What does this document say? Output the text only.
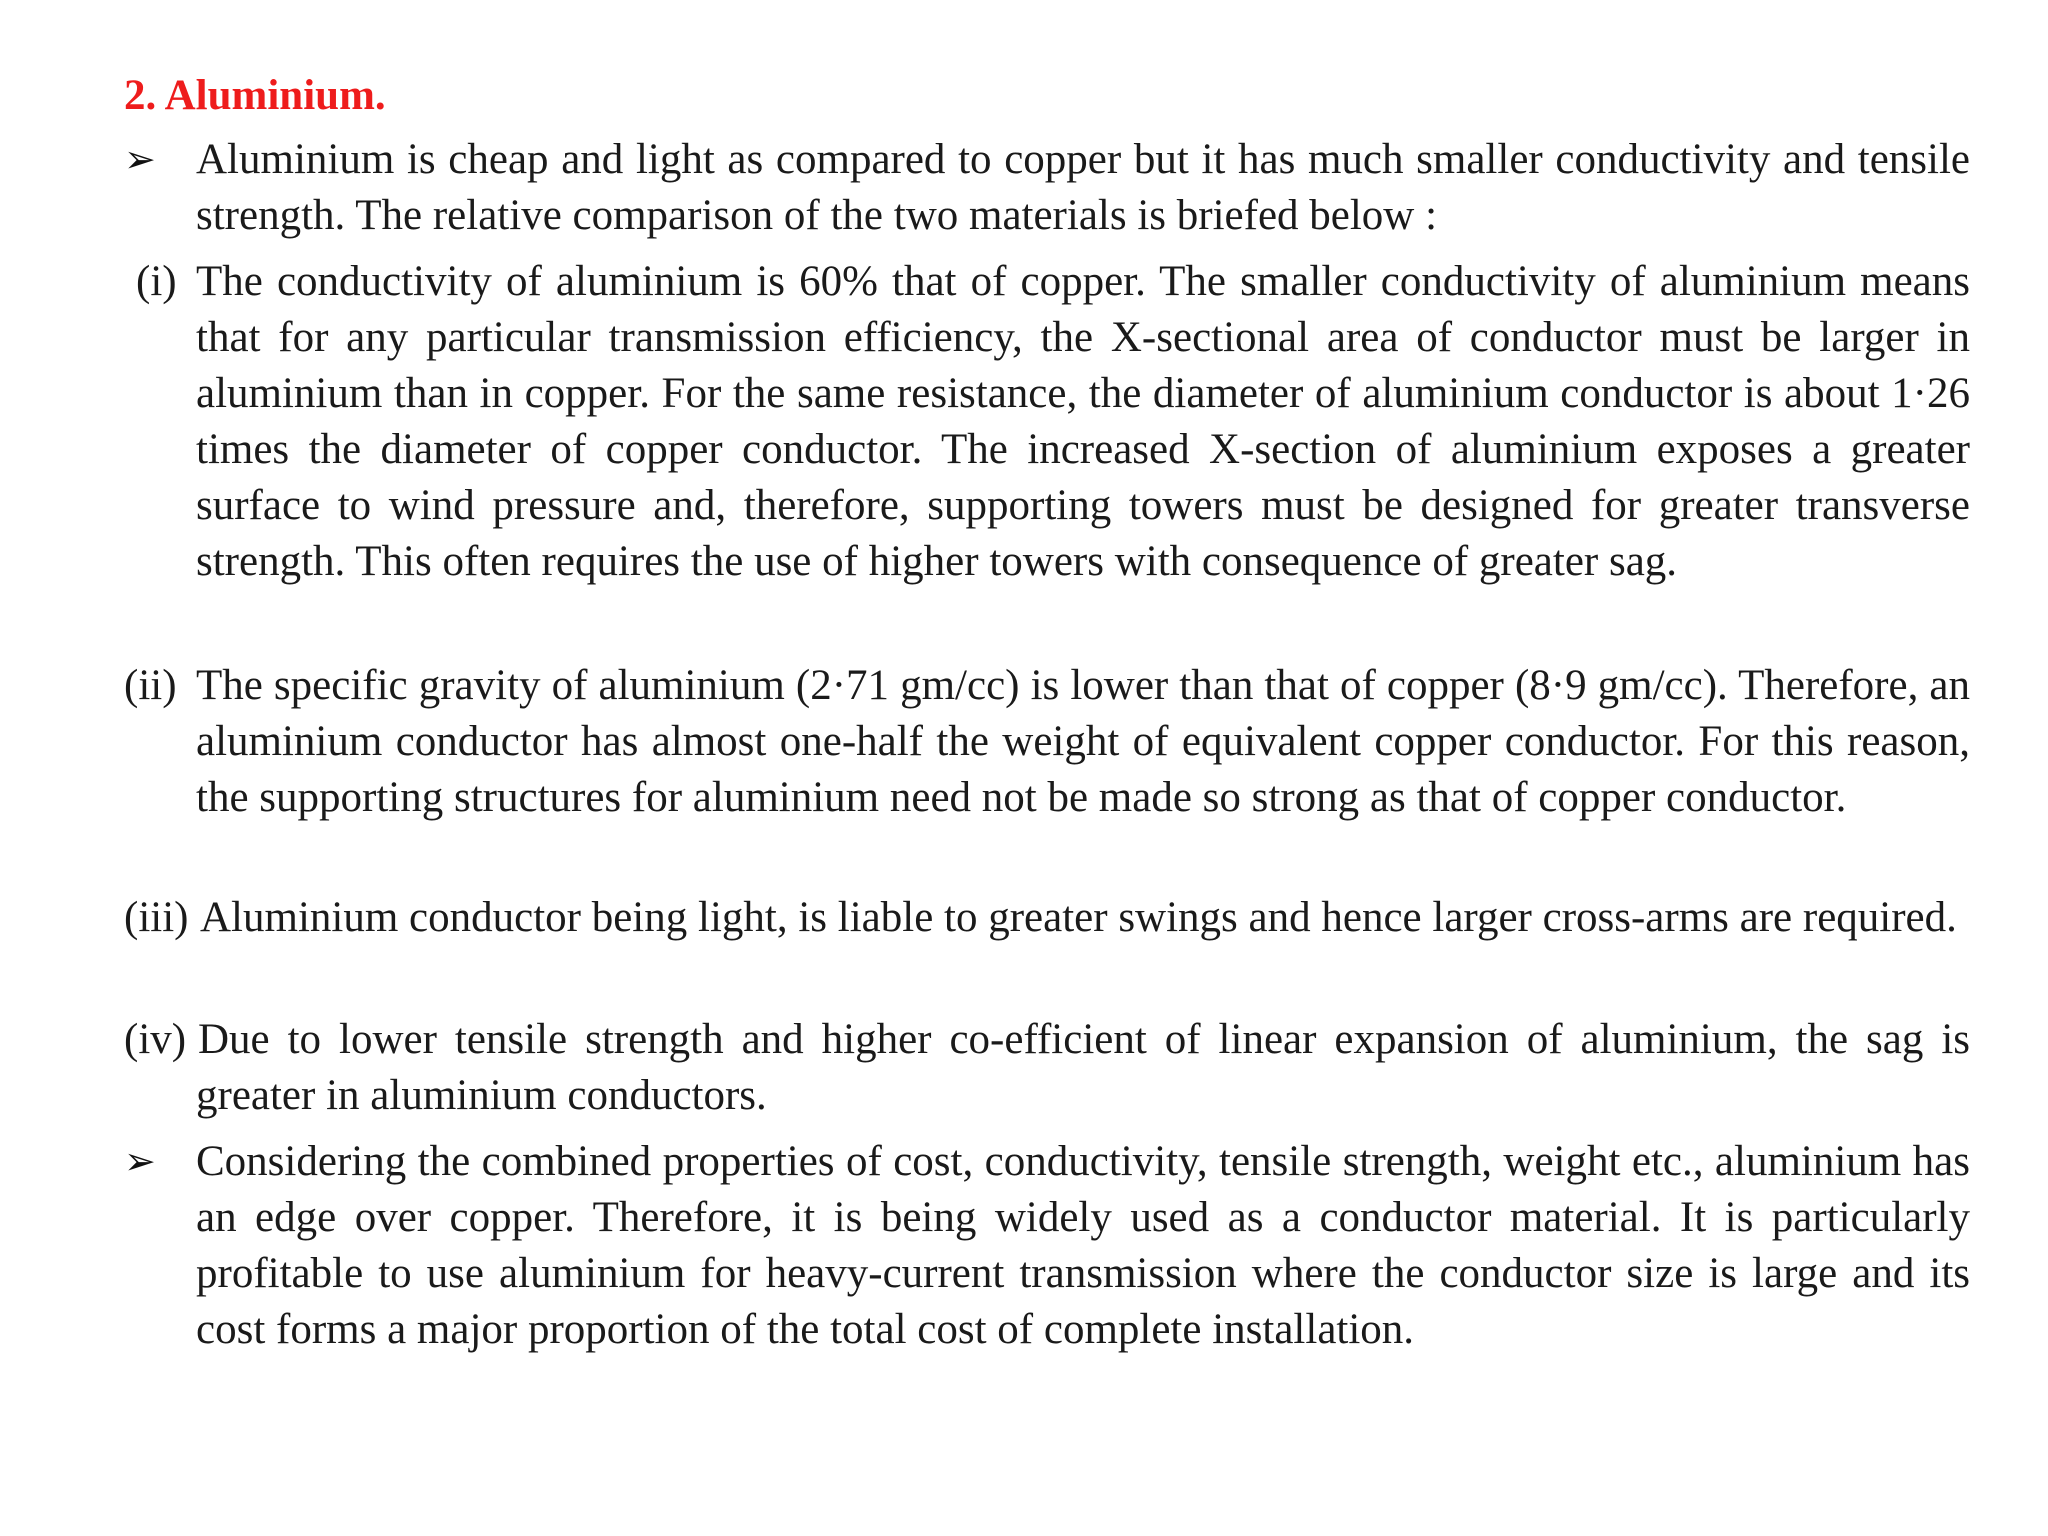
2. Aluminium.
➢ Aluminium is cheap and light as compared to copper but it has much smaller conductivity and tensile strength. The relative comparison of the two materials is briefed below :
(i) The conductivity of aluminium is 60% that of copper. The smaller conductivity of aluminium means that for any particular transmission efficiency, the X-sectional area of conductor must be larger in aluminium than in copper. For the same resistance, the diameter of aluminium conductor is about 1·26 times the diameter of copper conductor. The increased X-section of aluminium exposes a greater surface to wind pressure and, therefore, supporting towers must be designed for greater transverse strength. This often requires the use of higher towers with consequence of greater sag.
(ii) The specific gravity of aluminium (2·71 gm/cc) is lower than that of copper (8·9 gm/cc). Therefore, an aluminium conductor has almost one-half the weight of equivalent copper conductor. For this reason, the supporting structures for aluminium need not be made so strong as that of copper conductor.
(iii) Aluminium conductor being light, is liable to greater swings and hence larger cross-arms are required.
(iv) Due to lower tensile strength and higher co-efficient of linear expansion of aluminium, the sag is greater in aluminium conductors.
➢ Considering the combined properties of cost, conductivity, tensile strength, weight etc., aluminium has an edge over copper. Therefore, it is being widely used as a conductor material. It is particularly profitable to use aluminium for heavy-current transmission where the conductor size is large and its cost forms a major proportion of the total cost of complete installation.
